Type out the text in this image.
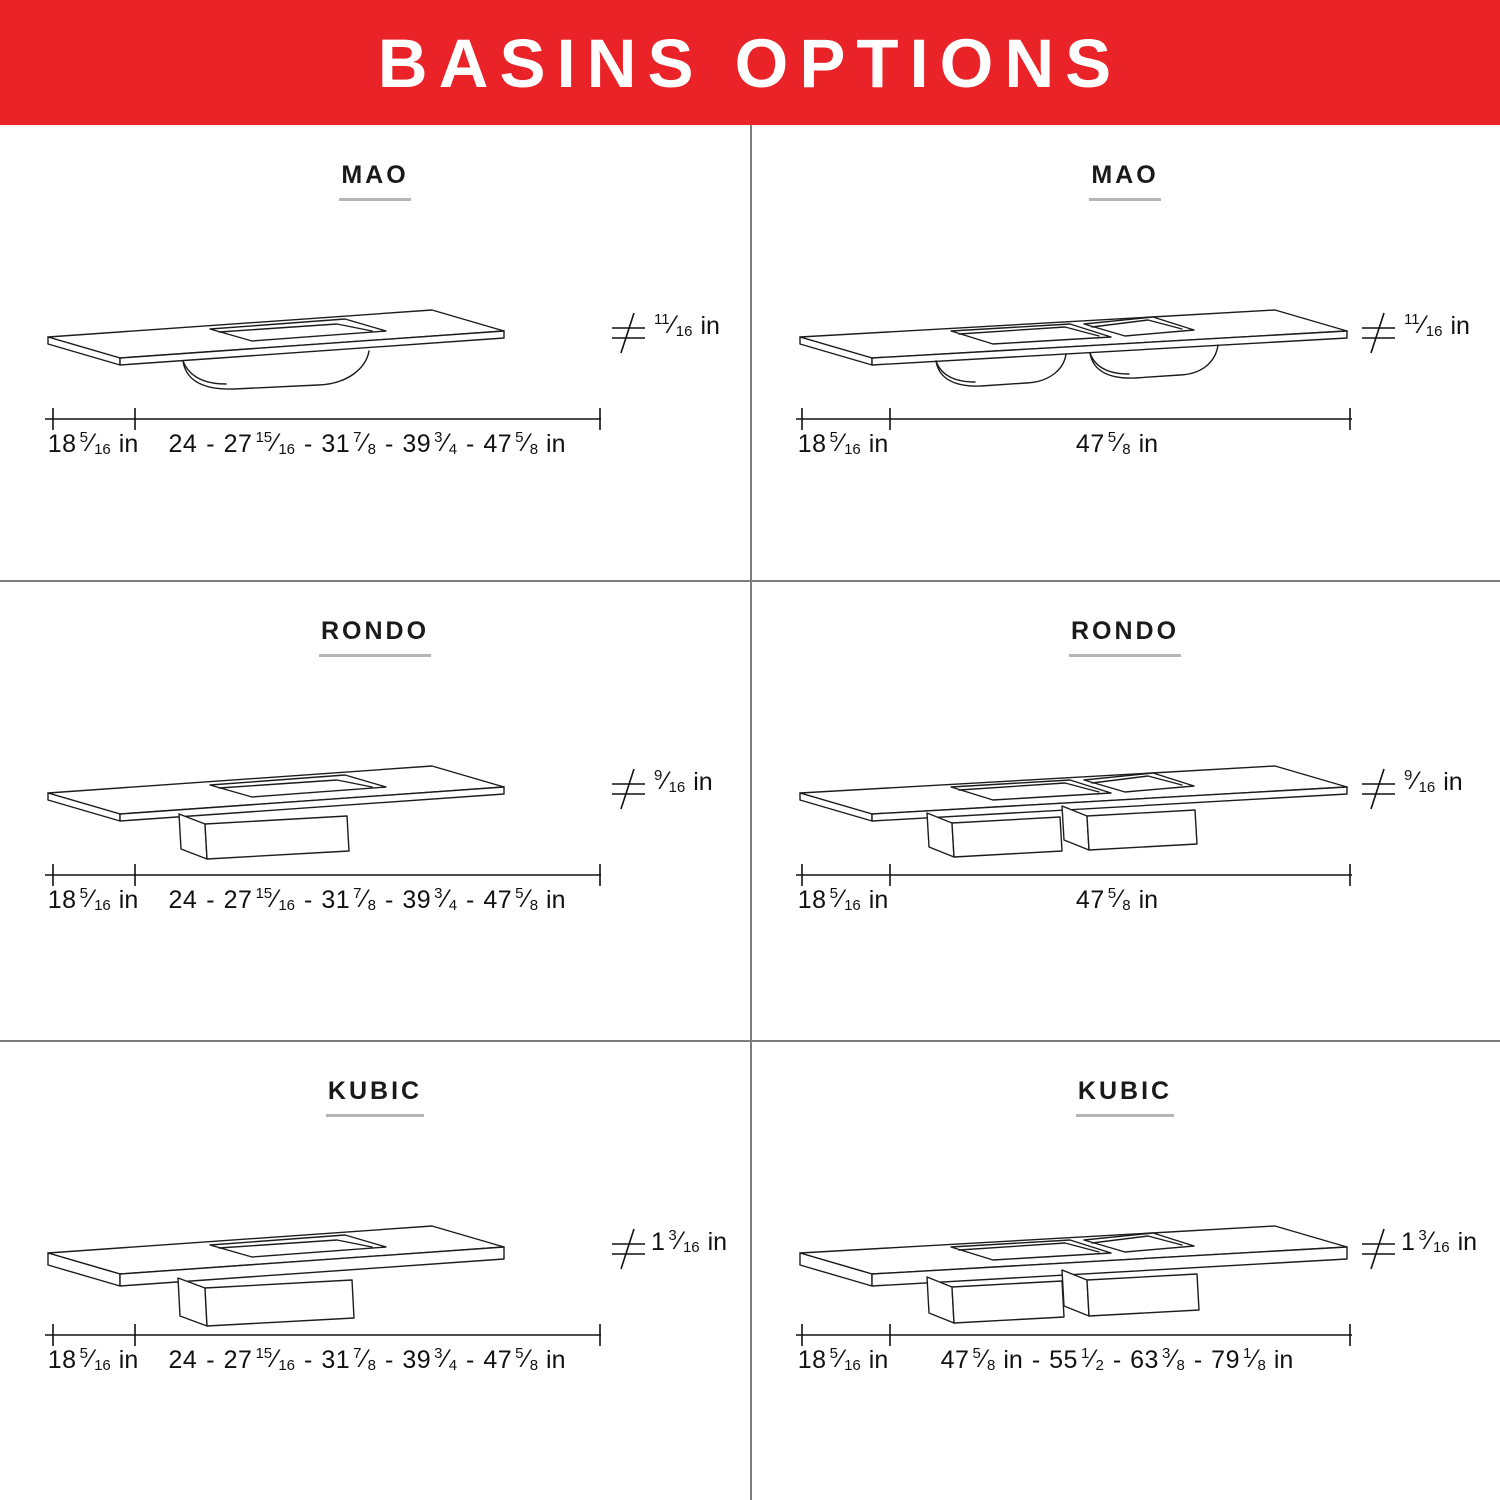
BASINS OPTIONS
MAO
$^{11}$⁄16 in
18 $^5$⁄16 in	24 - 27 $^{15}$⁄16 - 31 $^7$⁄8 - 39 $^3$⁄4 - 47 $^5$⁄8 in
MAO
$^{11}$⁄16 in
18 $^5$⁄16 in	47 $^5$⁄8 in
RONDO
$^9$⁄16 in
18 $^5$⁄16 in	24 - 27 $^{15}$⁄16 - 31 $^7$⁄8 - 39 $^3$⁄4 - 47 $^5$⁄8 in
RONDO
$^9$⁄16 in
18 $^5$⁄16 in	47 $^5$⁄8 in
KUBIC
1 $^3$⁄16 in
18 $^5$⁄16 in	24 - 27 $^{15}$⁄16 - 31 $^7$⁄8 - 39 $^3$⁄4 - 47 $^5$⁄8 in
KUBIC
1 $^3$⁄16 in
18 $^5$⁄16 in	47 $^5$⁄8 in - 55 $^1$⁄2 - 63 $^3$⁄8 - 79 $^1$⁄8 in
